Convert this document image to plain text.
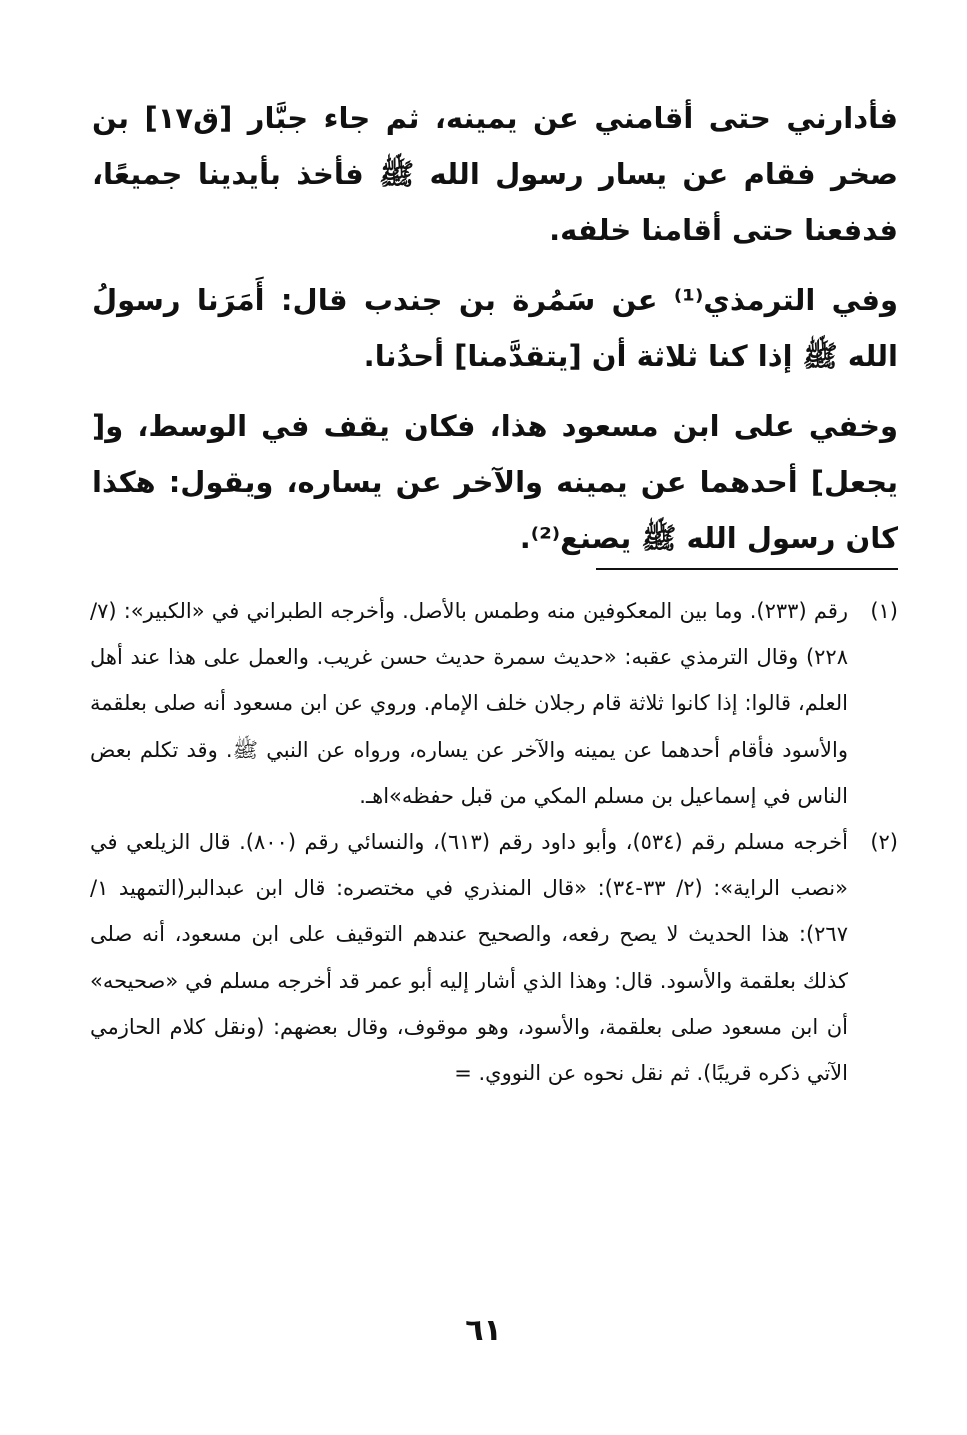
فأدارني حتى أقامني عن يمينه، ثم جاء جبَّار [ق١٧] بن صخر فقام عن يسار رسول الله ﷺ فأخذ بأيدينا جميعًا، فدفعنا حتى أقامنا خلفه.

وفي الترمذي⁽¹⁾ عن سَمُرة بن جندب قال: أَمَرَنا رسولُ الله ﷺ إذا كنا ثلاثة أن [يتقدَّمنا] أحدُنا.

وخفي على ابن مسعود هذا، فكان يقف في الوسط، و[ يجعل] أحدهما عن يمينه والآخر عن يساره، ويقول: هكذا كان رسول الله ﷺ يصنع⁽²⁾.

(١)
رقم (٢٣٣). وما بين المعكوفين منه وطمس بالأصل. وأخرجه الطبراني في «الكبير»: (٧/ ٢٢٨) وقال الترمذي عقبه: «حديث سمرة حديث حسن غريب. والعمل على هذا عند أهل العلم، قالوا: إذا كانوا ثلاثة قام رجلان خلف الإمام. وروي عن ابن مسعود أنه صلى بعلقمة والأسود فأقام أحدهما عن يمينه والآخر عن يساره، ورواه عن النبي ﷺ. وقد تكلم بعض الناس في إسماعيل بن مسلم المكي من قبل حفظه»اهـ.
(٢)
أخرجه مسلم رقم (٥٣٤)، وأبو داود رقم (٦١٣)، والنسائي رقم (٨٠٠). قال الزيلعي في «نصب الراية»: (٢/ ٣٣-٣٤): «قال المنذري في مختصره: قال ابن عبدالبر(التمهيد ١/ ٢٦٧): هذا الحديث لا يصح رفعه، والصحيح عندهم التوقيف على ابن مسعود، أنه صلى كذلك بعلقمة والأسود. قال: وهذا الذي أشار إليه أبو عمر قد أخرجه مسلم في «صحيحه» أن ابن مسعود صلى بعلقمة، والأسود، وهو موقوف، وقال بعضهم: (ونقل كلام الحازمي الآتي ذكره قريبًا). ثم نقل نحوه عن النووي. =
٦١
